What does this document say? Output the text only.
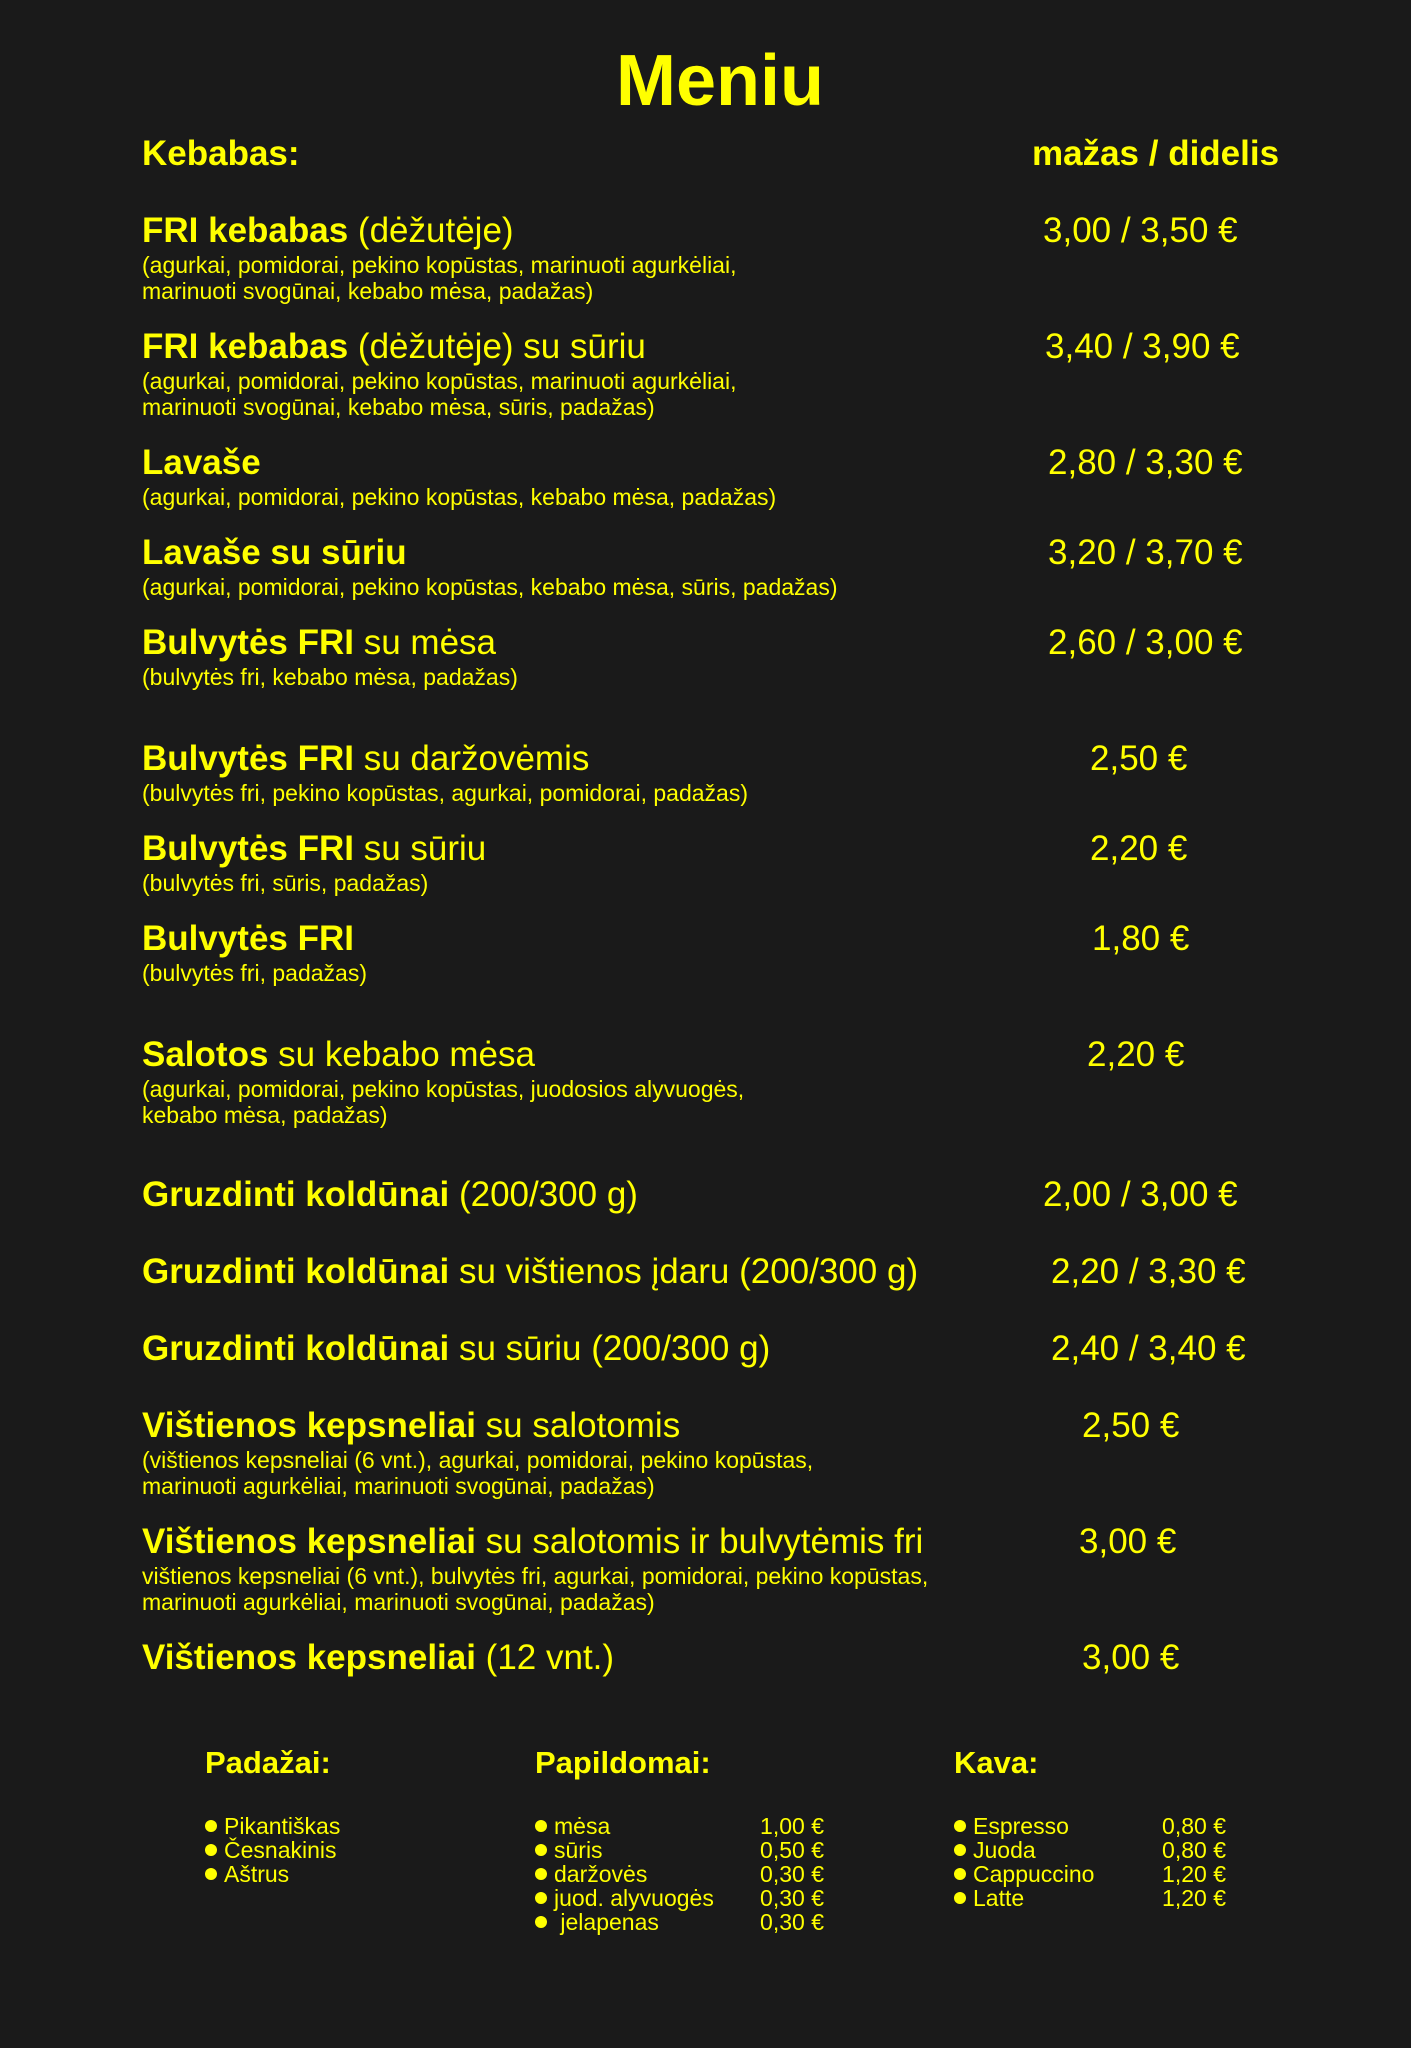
Meniu
Kebabas:	mažas / didelis
FRI kebabas (dėžutėje)
(agurkai, pomidorai, pekino kopūstas, marinuoti agurkėliai,
marinuoti svogūnai, kebabo mėsa, padažas)
3,00 / 3,50 €
FRI kebabas (dėžutėje) su sūriu
(agurkai, pomidorai, pekino kopūstas, marinuoti agurkėliai,
marinuoti svogūnai, kebabo mėsa, sūris, padažas)
3,40 / 3,90 €
Lavaše
(agurkai, pomidorai, pekino kopūstas, kebabo mėsa, padažas)
2,80 / 3,30 €
Lavaše su sūriu
(agurkai, pomidorai, pekino kopūstas, kebabo mėsa, sūris, padažas)
3,20 / 3,70 €
Bulvytės FRI su mėsa
(bulvytės fri, kebabo mėsa, padažas)
2,60 / 3,00 €
Bulvytės FRI su daržovėmis
(bulvytės fri, pekino kopūstas, agurkai, pomidorai, padažas)
2,50 €
Bulvytės FRI su sūriu
(bulvytės fri, sūris, padažas)
2,20 €
Bulvytės FRI
(bulvytės fri, padažas)
1,80 €
Salotos su kebabo mėsa
(agurkai, pomidorai, pekino kopūstas, juodosios alyvuogės,
kebabo mėsa, padažas)
2,20 €
Gruzdinti koldūnai (200/300 g)	2,00 / 3,00 €
Gruzdinti koldūnai su vištienos įdaru (200/300 g)	2,20 / 3,30 €
Gruzdinti koldūnai su sūriu (200/300 g)	2,40 / 3,40 €
Vištienos kepsneliai su salotomis
(vištienos kepsneliai (6 vnt.), agurkai, pomidorai, pekino kopūstas,
marinuoti agurkėliai, marinuoti svogūnai, padažas)
2,50 €
Vištienos kepsneliai su salotomis ir bulvytėmis fri
vištienos kepsneliai (6 vnt.), bulvytės fri, agurkai, pomidorai, pekino kopūstas,
marinuoti agurkėliai, marinuoti svogūnai, padažas)
3,00 €
Vištienos kepsneliai (12 vnt.)	3,00 €
Padažai:	Papildomai:	Kava:
Pikantiškas
Česnakinis
Aštrus
mėsa	1,00 €
sūris	0,50 €
daržovės	0,30 €
juod. alyvuogės	0,30 €
jelapenas	0,30 €
Espresso	0,80 €
Juoda	0,80 €
Cappuccino	1,20 €
Latte	1,20 €
